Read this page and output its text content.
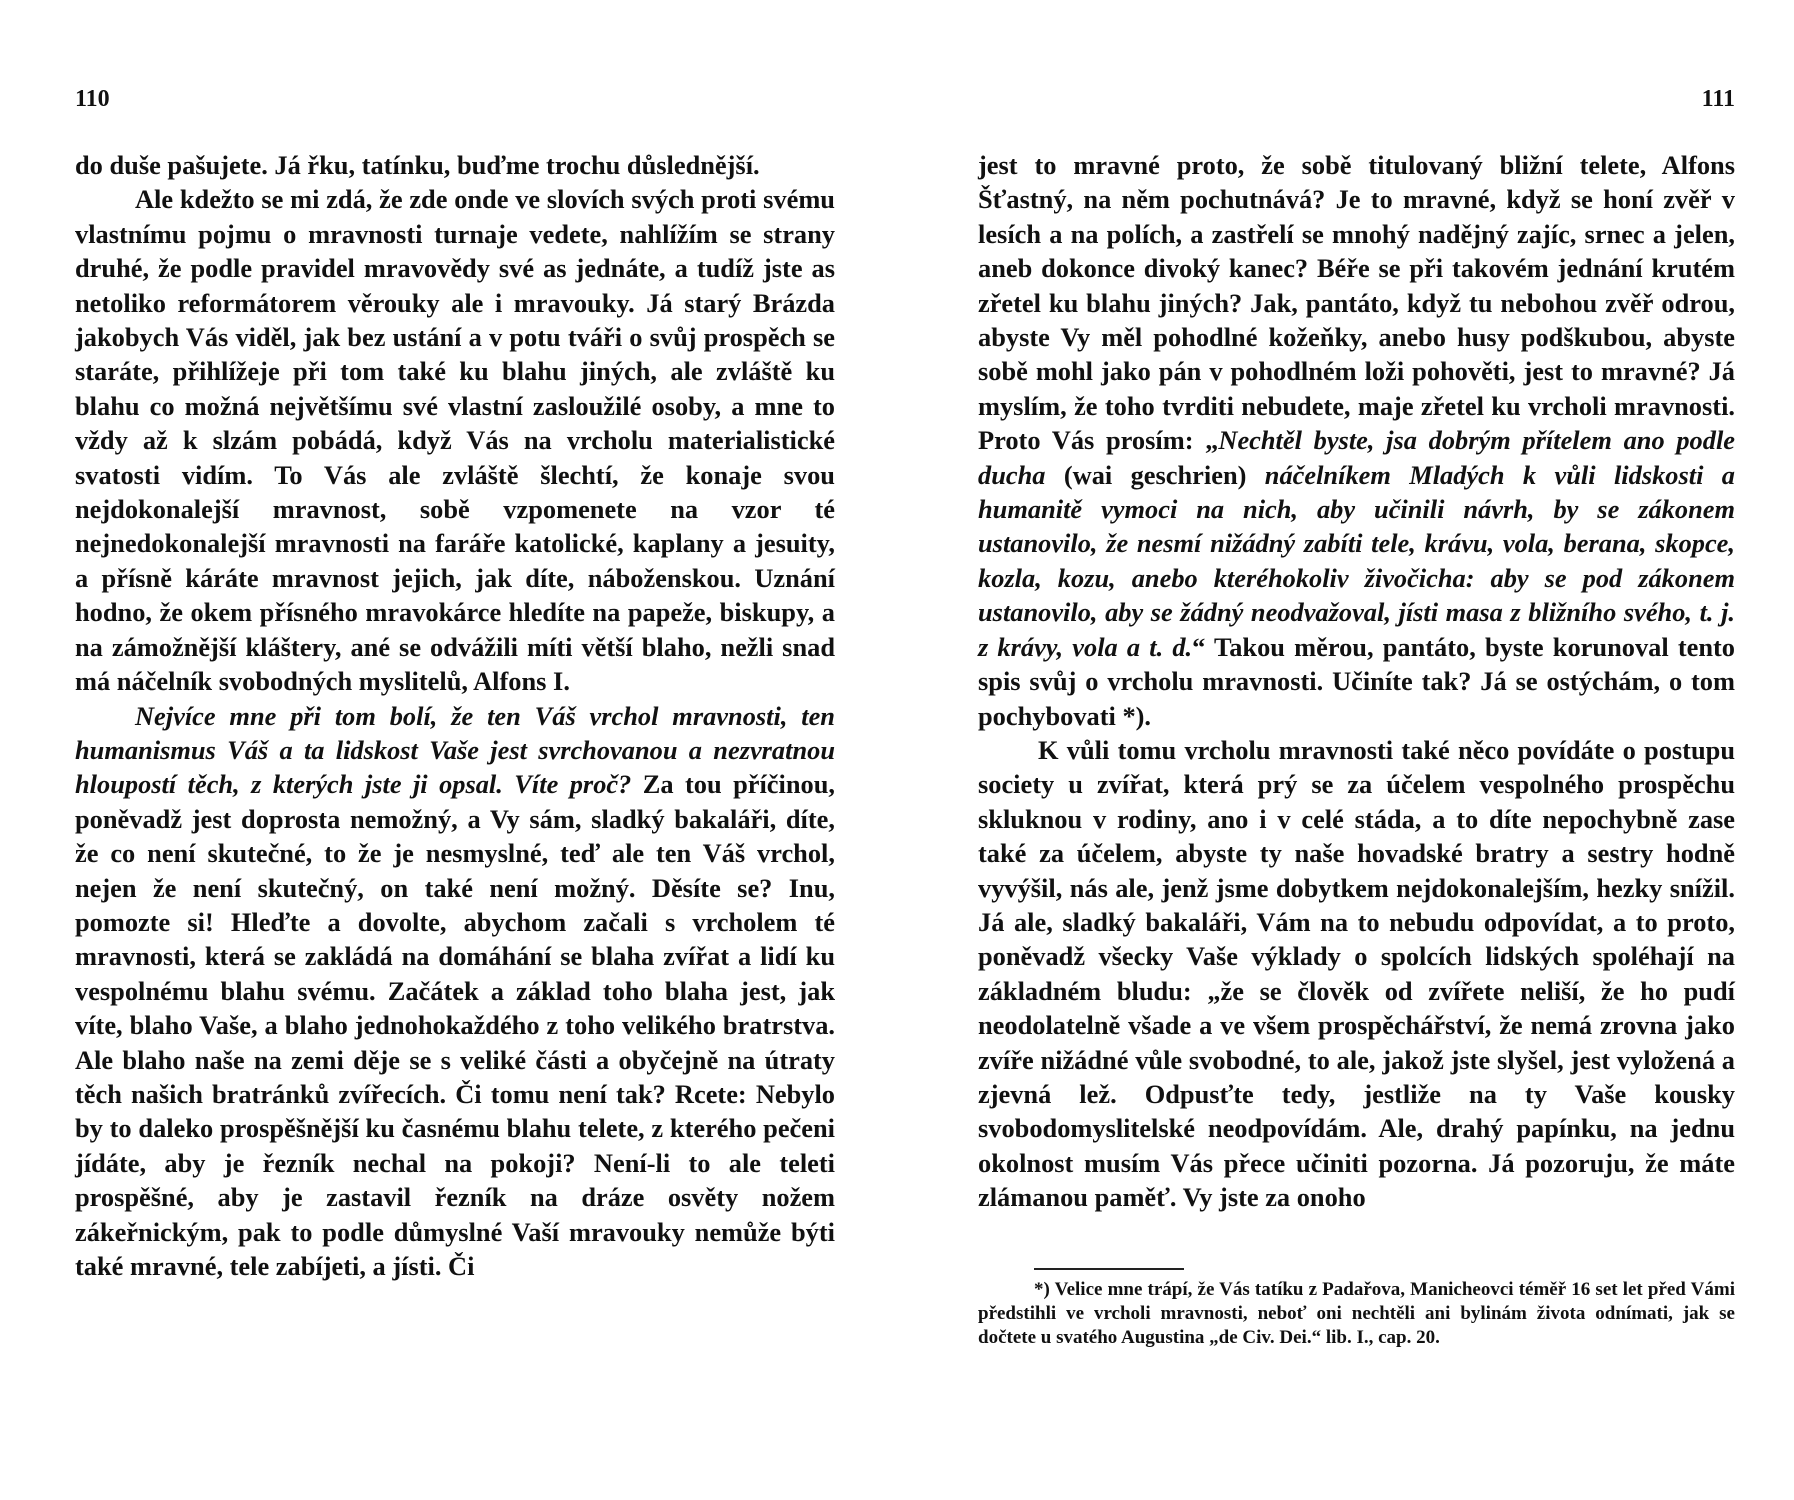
110

do duše pašujete. Já řku, tatínku, buďme trochu důslednější.

Ale kdežto se mi zdá, že zde onde ve slovích svých proti svému vlastnímu pojmu o mravnosti turnaje vedete, nahlížím se strany druhé, že podle pravidel mravovědy své as jednáte, a tudíž jste as netoliko reformátorem věrouky ale i mravouky. Já starý Brázda jakobych Vás viděl, jak bez ustání a v potu tváři o svůj prospěch se staráte, přihlížeje při tom také ku blahu jiných, ale zvláště ku blahu co možná největšímu své vlastní zasloužilé osoby, a mne to vždy až k slzám pobádá, když Vás na vrcholu materialistické svatosti vidím. To Vás ale zvláště šlechtí, že konaje svou nejdokonalejší mravnost, sobě vzpomenete na vzor té nejnedokonalejší mravnosti na faráře katolické, kaplany a jesuity, a přísně káráte mravnost jejich, jak díte, náboženskou. Uznání hodno, že okem přísného mravokárce hledíte na papeže, biskupy, a na zámožnější kláštery, ané se odvážili míti větší blaho, nežli snad má náčelník svobodných myslitelů, Alfons I.

Nejvíce mne při tom bolí, že ten Váš vrchol mravnosti, ten humanismus Váš a ta lidskost Vaše jest svrchovanou a nezvratnou hloupostí těch, z kterých jste ji opsal. Víte proč? Za tou příčinou, poněvadž jest doprosta nemožný, a Vy sám, sladký bakaláři, díte, že co není skutečné, to že je nesmyslné, teď ale ten Váš vrchol, nejen že není skutečný, on také není možný. Děsíte se? Inu, pomozte si! Hleďte a dovolte, abychom začali s vrcholem té mravnosti, která se zakládá na domáhání se blaha zvířat a lidí ku vespolnému blahu svému. Začátek a základ toho blaha jest, jak víte, blaho Vaše, a blaho jednohokaždého z toho velikého bratrstva. Ale blaho naše na zemi děje se s veliké části a obyčejně na útraty těch našich bratránků zvířecích. Či tomu není tak? Rcete: Nebylo by to daleko prospěšnější ku časnému blahu telete, z kterého pečeni jídáte, aby je řezník nechal na pokoji? Není-li to ale teleti prospěšné, aby je zastavil řezník na dráze osvěty nožem zákeřnickým, pak to podle důmyslné Vaší mravouky nemůže býti také mravné, tele zabíjeti, a jísti. Či

111

jest to mravné proto, že sobě titulovaný bližní telete, Alfons Šťastný, na něm pochutnává? Je to mravné, když se honí zvěř v lesích a na polích, a zastřelí se mnohý nadějný zajíc, srnec a jelen, aneb dokonce divoký kanec? Béře se při takovém jednání krutém zřetel ku blahu jiných? Jak, pantáto, když tu nebohou zvěř odrou, abyste Vy měl pohodlné kožeňky, anebo husy podškubou, abyste sobě mohl jako pán v pohodlném loži pohověti, jest to mravné? Já myslím, že toho tvrditi nebudete, maje zřetel ku vrcholi mravnosti. Proto Vás prosím: „Nechtěl byste, jsa dobrým přítelem ano podle ducha (wai geschrien) náčelníkem Mladých k vůli lidskosti a humanitě vymoci na nich, aby učinili návrh, by se zákonem ustanovilo, že nesmí nižádný zabíti tele, krávu, vola, berana, skopce, kozla, kozu, anebo kteréhokoliv živočicha: aby se pod zákonem ustanovilo, aby se žádný neodvažoval, jísti masa z bližního svého, t. j. z krávy, vola a t. d.“ Takou měrou, pantáto, byste korunoval tento spis svůj o vrcholu mravnosti. Učiníte tak? Já se ostýchám, o tom pochybovati *).

K vůli tomu vrcholu mravnosti také něco povídáte o postupu society u zvířat, která prý se za účelem vespolného prospěchu skluknou v rodiny, ano i v celé stáda, a to díte nepochybně zase také za účelem, abyste ty naše hovadské bratry a sestry hodně vyvýšil, nás ale, jenž jsme dobytkem nejdokonalejším, hezky snížil. Já ale, sladký bakaláři, Vám na to nebudu odpovídat, a to proto, poněvadž všecky Vaše výklady o spolcích lidských spoléhají na základném bludu: „že se člověk od zvířete neliší, že ho pudí neodolatelně všade a ve všem prospěchářství, že nemá zrovna jako zvíře nižádné vůle svobodné, to ale, jakož jste slyšel, jest vyložená a zjevná lež. Odpusťte tedy, jestliže na ty Vaše kousky svobodomyslitelské neodpovídám. Ale, drahý papínku, na jednu okolnost musím Vás přece učiniti pozorna. Já pozoruju, že máte zlámanou paměť. Vy jste za onoho

*) Velice mne trápí, že Vás tatíku z Padařova, Manicheovci téměř 16 set let před Vámi předstihli ve vrcholi mravnosti, neboť oni nechtěli ani bylinám života odnímati, jak se dočtete u svatého Augustina „de Civ. Dei.“ lib. I., cap. 20.
